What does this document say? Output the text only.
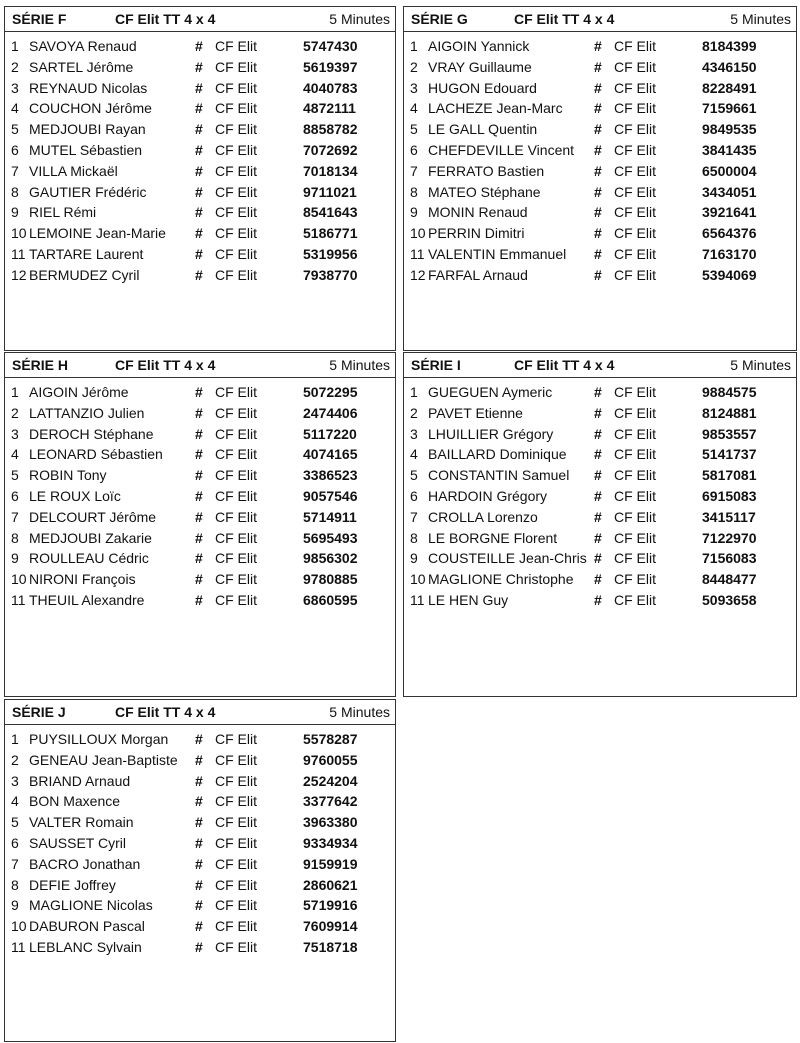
SÉRIE F	CF Elit TT 4 x 4	5 Minutes
1 SAVOYA Renaud	# CF Elit	5747430
2 SARTEL Jérôme	# CF Elit	5619397
3 REYNAUD Nicolas	# CF Elit	4040783
4 COUCHON Jérôme	# CF Elit	4872111
5 MEDJOUBI Rayan	# CF Elit	8858782
6 MUTEL Sébastien	# CF Elit	7072692
7 VILLA Mickaël	# CF Elit	7018134
8 GAUTIER Frédéric	# CF Elit	9711021
9 RIEL Rémi	# CF Elit	8541643
10 LEMOINE Jean-Marie	# CF Elit	5186771
11 TARTARE Laurent	# CF Elit	5319956
12 BERMUDEZ Cyril	# CF Elit	7938770
SÉRIE G	CF Elit TT 4 x 4	5 Minutes
1 AIGOIN Yannick	# CF Elit	8184399
2 VRAY Guillaume	# CF Elit	4346150
3 HUGON Edouard	# CF Elit	8228491
4 LACHEZE Jean-Marc	# CF Elit	7159661
5 LE GALL Quentin	# CF Elit	9849535
6 CHEFDEVILLE Vincent	# CF Elit	3841435
7 FERRATO Bastien	# CF Elit	6500004
8 MATEO Stéphane	# CF Elit	3434051
9 MONIN Renaud	# CF Elit	3921641
10 PERRIN Dimitri	# CF Elit	6564376
11 VALENTIN Emmanuel	# CF Elit	7163170
12 FARFAL Arnaud	# CF Elit	5394069
SÉRIE H	CF Elit TT 4 x 4	5 Minutes
1 AIGOIN Jérôme	# CF Elit	5072295
2 LATTANZIO Julien	# CF Elit	2474406
3 DEROCH Stéphane	# CF Elit	5117220
4 LEONARD Sébastien	# CF Elit	4074165
5 ROBIN Tony	# CF Elit	3386523
6 LE ROUX Loïc	# CF Elit	9057546
7 DELCOURT Jérôme	# CF Elit	5714911
8 MEDJOUBI Zakarie	# CF Elit	5695493
9 ROULLEAU Cédric	# CF Elit	9856302
10 NIRONI François	# CF Elit	9780885
11 THEUIL Alexandre	# CF Elit	6860595
SÉRIE I	CF Elit TT 4 x 4	5 Minutes
1 GUEGUEN Aymeric	# CF Elit	9884575
2 PAVET Etienne	# CF Elit	8124881
3 LHUILLIER Grégory	# CF Elit	9853557
4 BAILLARD Dominique	# CF Elit	5141737
5 CONSTANTIN Samuel	# CF Elit	5817081
6 HARDOIN Grégory	# CF Elit	6915083
7 CROLLA Lorenzo	# CF Elit	3415117
8 LE BORGNE Florent	# CF Elit	7122970
9 COUSTEILLE Jean-Chris # CF Elit	7156083
10 MAGLIONE Christophe	# CF Elit	8448477
11 LE HEN Guy	# CF Elit	5093658
SÉRIE J	CF Elit TT 4 x 4	5 Minutes
1 PUYSILLOUX Morgan	# CF Elit	5578287
2 GENEAU Jean-Baptiste	# CF Elit	9760055
3 BRIAND Arnaud	# CF Elit	2524204
4 BON Maxence	# CF Elit	3377642
5 VALTER Romain	# CF Elit	3963380
6 SAUSSET Cyril	# CF Elit	9334934
7 BACRO Jonathan	# CF Elit	9159919
8 DEFIE Joffrey	# CF Elit	2860621
9 MAGLIONE Nicolas	# CF Elit	5719916
10 DABURON Pascal	# CF Elit	7609914
11 LEBLANC Sylvain	# CF Elit	7518718
